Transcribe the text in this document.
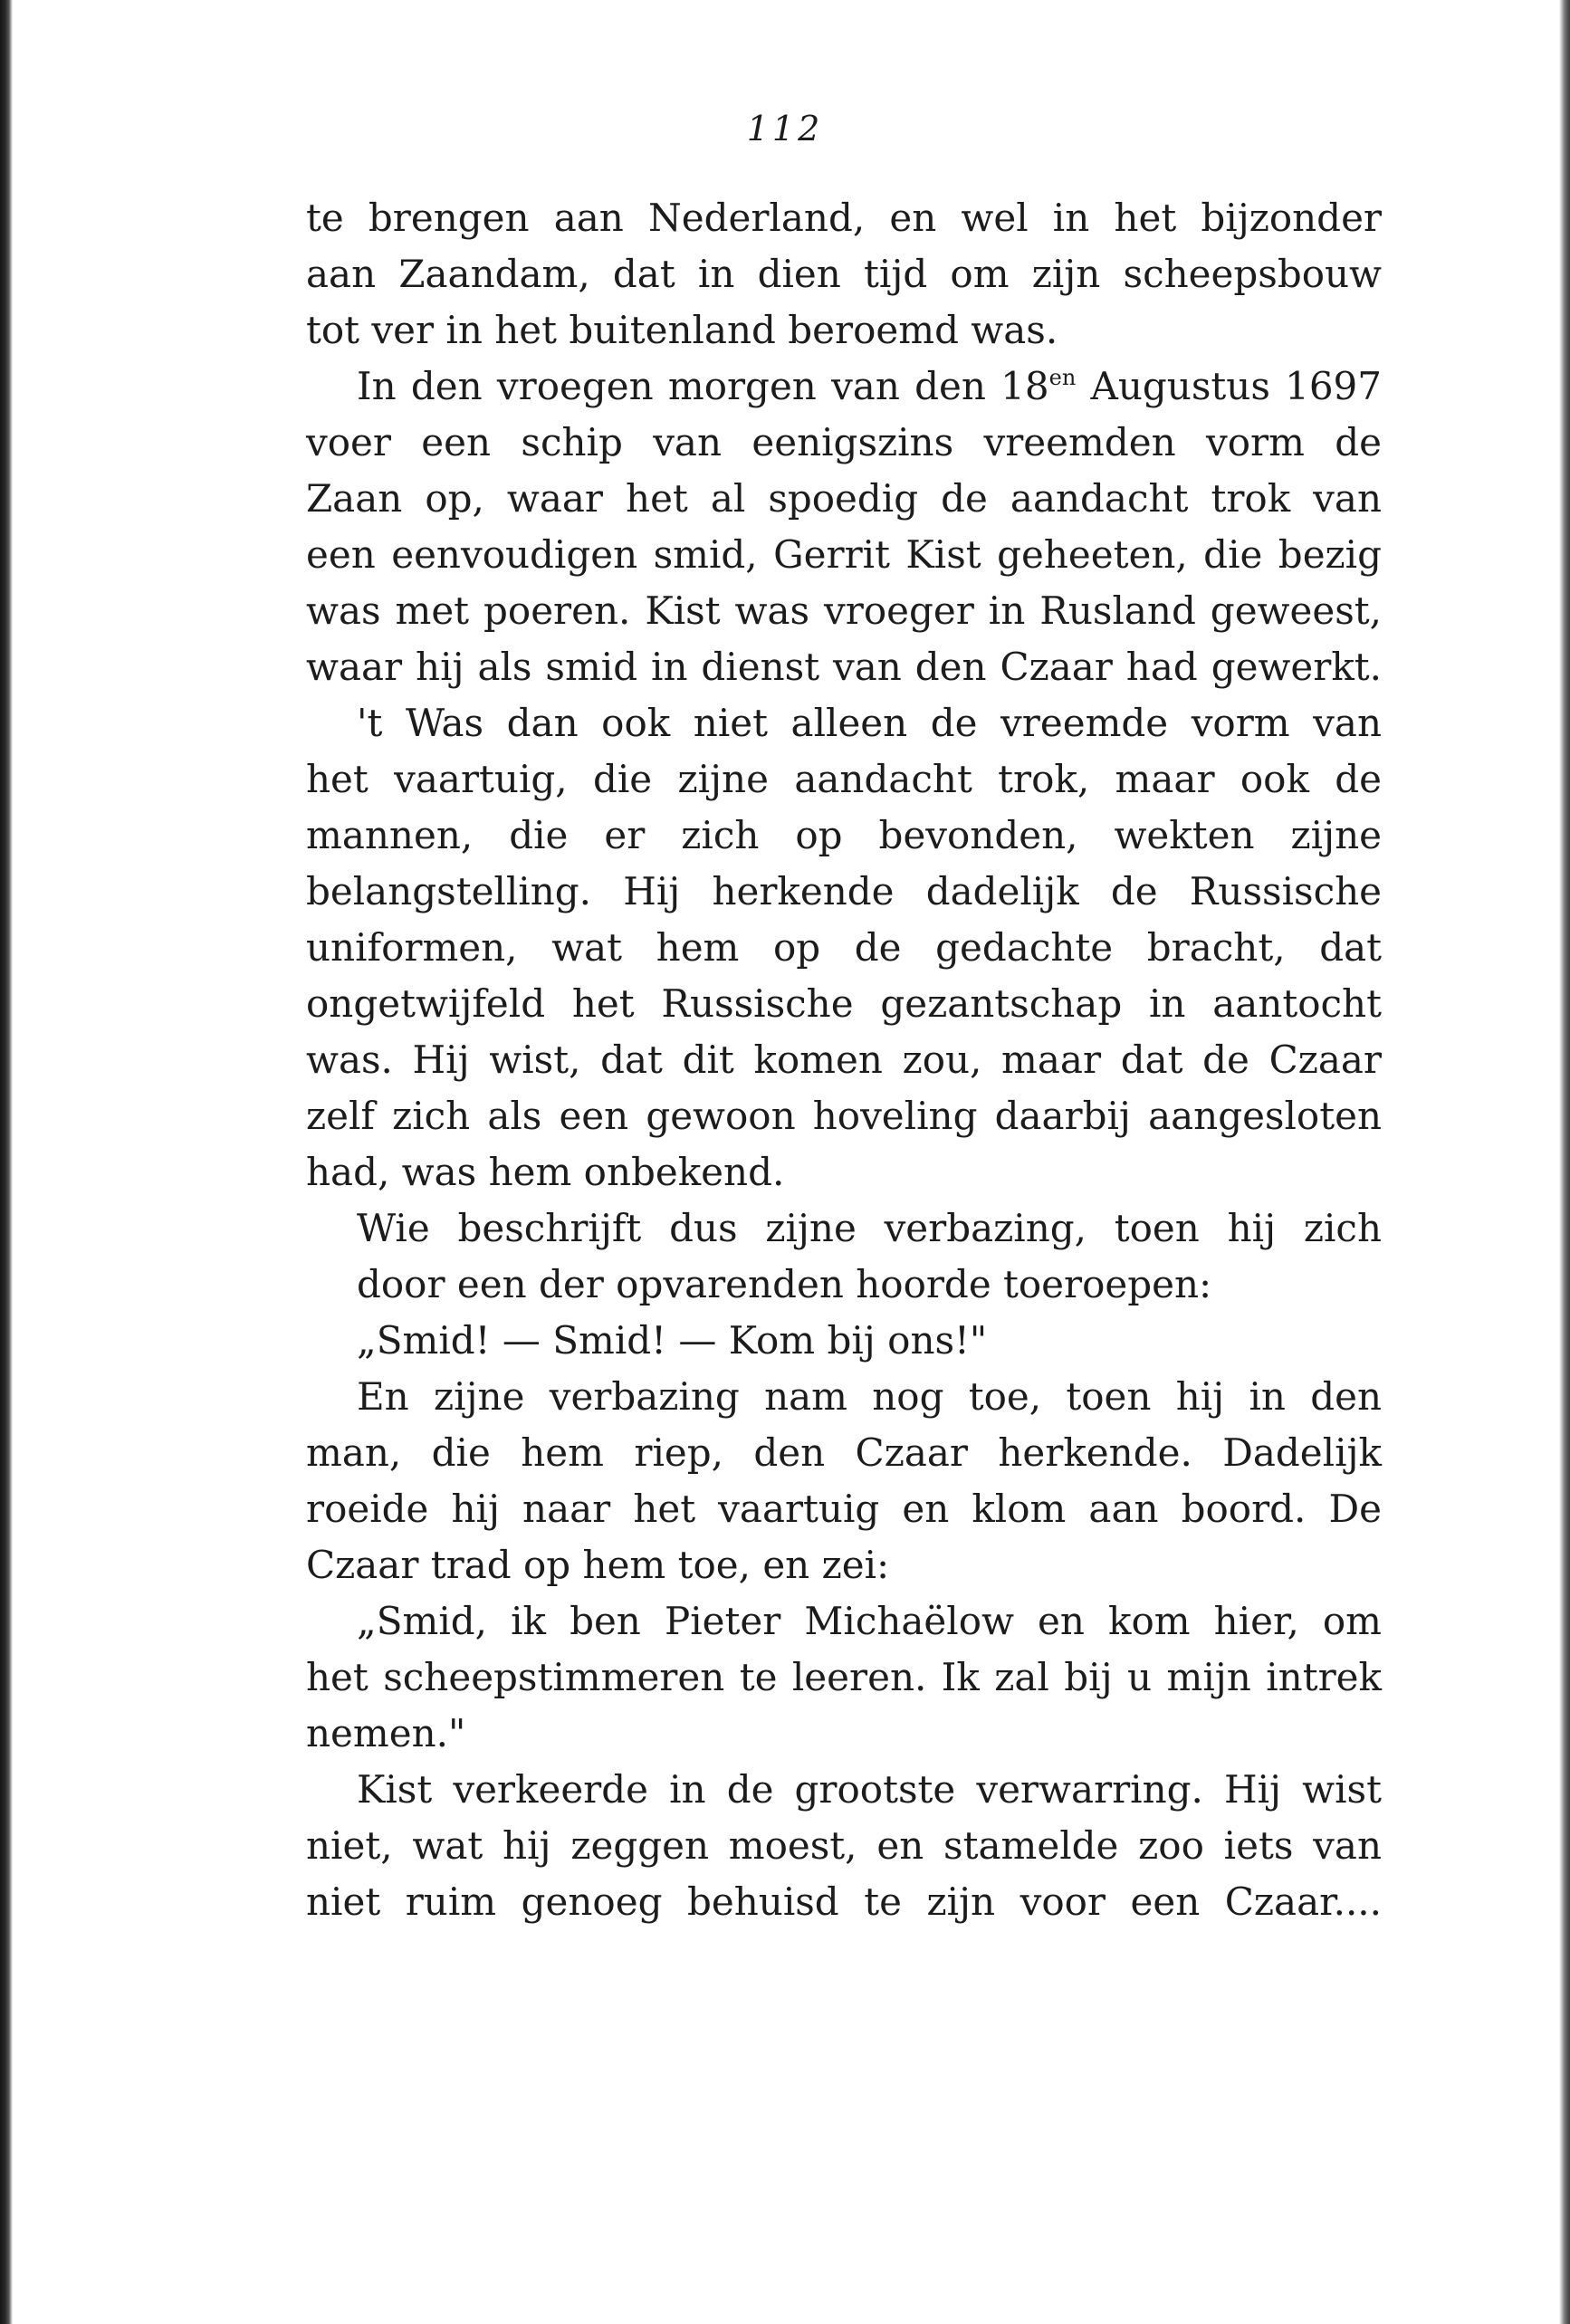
112
te brengen aan Nederland, en wel in het bijzonder
aan Zaandam, dat in dien tijd om zijn scheepsbouw
tot ver in het buitenland beroemd was.
In den vroegen morgen van den $18^{en}$ Augustus 1697
voer een schip van eenigszins vreemden vorm de
Zaan op, waar het al spoedig de aandacht trok van
een eenvoudigen smid, Gerrit Kist geheeten, die bezig
was met poeren. Kist was vroeger in Rusland geweest,
waar hij als smid in dienst van den Czaar had gewerkt.
't Was dan ook niet alleen de vreemde vorm van
het vaartuig, die zijne aandacht trok, maar ook de
mannen, die er zich op bevonden, wekten zijne
belangstelling. Hij herkende dadelijk de Russische
uniformen, wat hem op de gedachte bracht, dat
ongetwijfeld het Russische gezantschap in aantocht
was. Hij wist, dat dit komen zou, maar dat de Czaar
zelf zich als een gewoon hoveling daarbij aangesloten
had, was hem onbekend.
Wie beschrijft dus zijne verbazing, toen hij zich
door een der opvarenden hoorde toeroepen:
„Smid! — Smid! — Kom bij ons!"
En zijne verbazing nam nog toe, toen hij in den
man, die hem riep, den Czaar herkende. Dadelijk
roeide hij naar het vaartuig en klom aan boord. De
Czaar trad op hem toe, en zei:
„Smid, ik ben Pieter Michaëlow en kom hier, om
het scheepstimmeren te leeren. Ik zal bij u mijn intrek
nemen."
Kist verkeerde in de grootste verwarring. Hij wist
niet, wat hij zeggen moest, en stamelde zoo iets van
niet ruim genoeg behuisd te zijn voor een Czaar....
